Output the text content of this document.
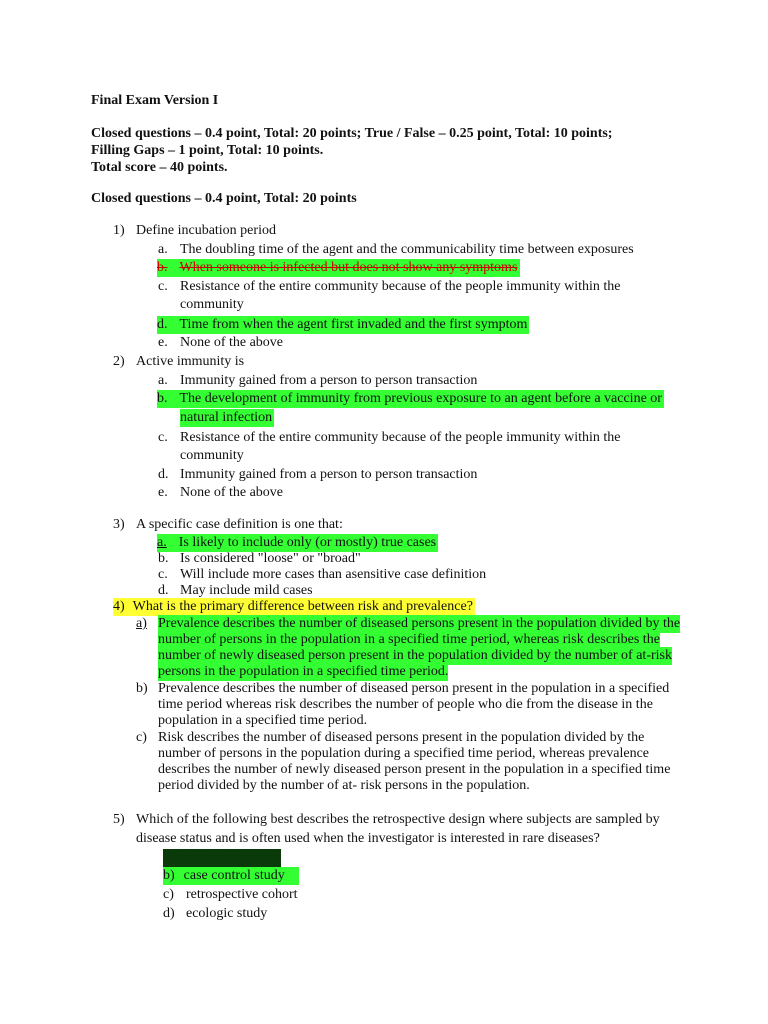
Final Exam Version I
Closed questions – 0.4 point, Total: 20 points; True / False – 0.25 point, Total: 10 points;
Filling Gaps – 1 point, Total: 10 points.
Total score – 40 points.
Closed questions – 0.4 point, Total: 20 points
1) Define incubation period
a. The doubling time of the agent and the communicability time between exposures
b. When someone is infected but does not show any symptoms
c. Resistance of the entire community because of the people immunity within the
community
d. Time from when the agent first invaded and the first symptom
e. None of the above
2) Active immunity is
a. Immunity gained from a person to person transaction
b. The development of immunity from previous exposure to an agent before a vaccine or
natural infection
c. Resistance of the entire community because of the people immunity within the
community
d. Immunity gained from a person to person transaction
e. None of the above
3) A specific case definition is one that:
a. Is likely to include only (or mostly) true cases
b. Is considered "loose" or "broad"
c. Will include more cases than asensitive case definition
d. May include mild cases
4) What is the primary difference between risk and prevalence?
a) Prevalence describes the number of diseased persons present in the population divided by the
number of persons in the population in a specified time period, whereas risk describes the
number of newly diseased person present in the population divided by the number of at-risk
persons in the population in a specified time period.
b) Prevalence describes the number of diseased person present in the population in a specified
time period whereas risk describes the number of people who die from the disease in the
population in a specified time period.
c) Risk describes the number of diseased persons present in the population divided by the
number of persons in the population during a specified time period, whereas prevalence
describes the number of newly diseased person present in the population in a specified time
period divided by the number of at- risk persons in the population.
5) Which of the following best describes the retrospective design where subjects are sampled by
disease status and is often used when the investigator is interested in rare diseases?
a) intervention trial
b) case control study
c) retrospective cohort
d) ecologic study
